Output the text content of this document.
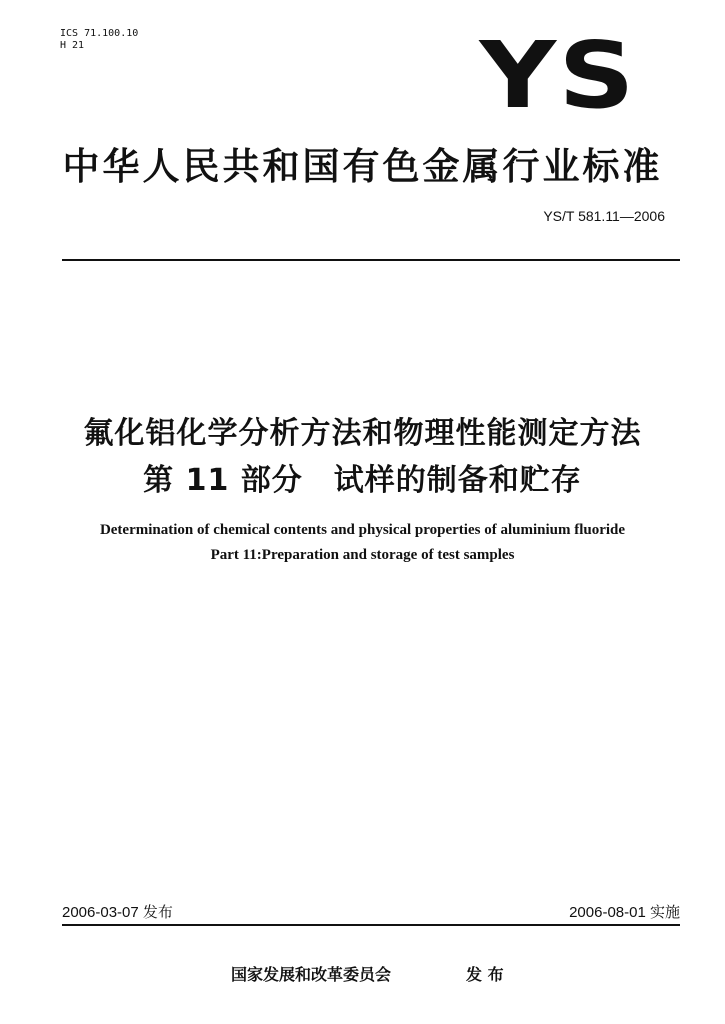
ICS 71.100.10
H 21	YS
中华人民共和国有色金属行业标准
YS/T 581.11—2006
氟化铝化学分析方法和物理性能测定方法
第 11 部分　试样的制备和贮存
Determination of chemical contents and physical properties of aluminium fluoride
Part 11:Preparation and storage of test samples
2006-03-07 发布	2006-08-01 实施
国家发展和改革委员会	发 布
